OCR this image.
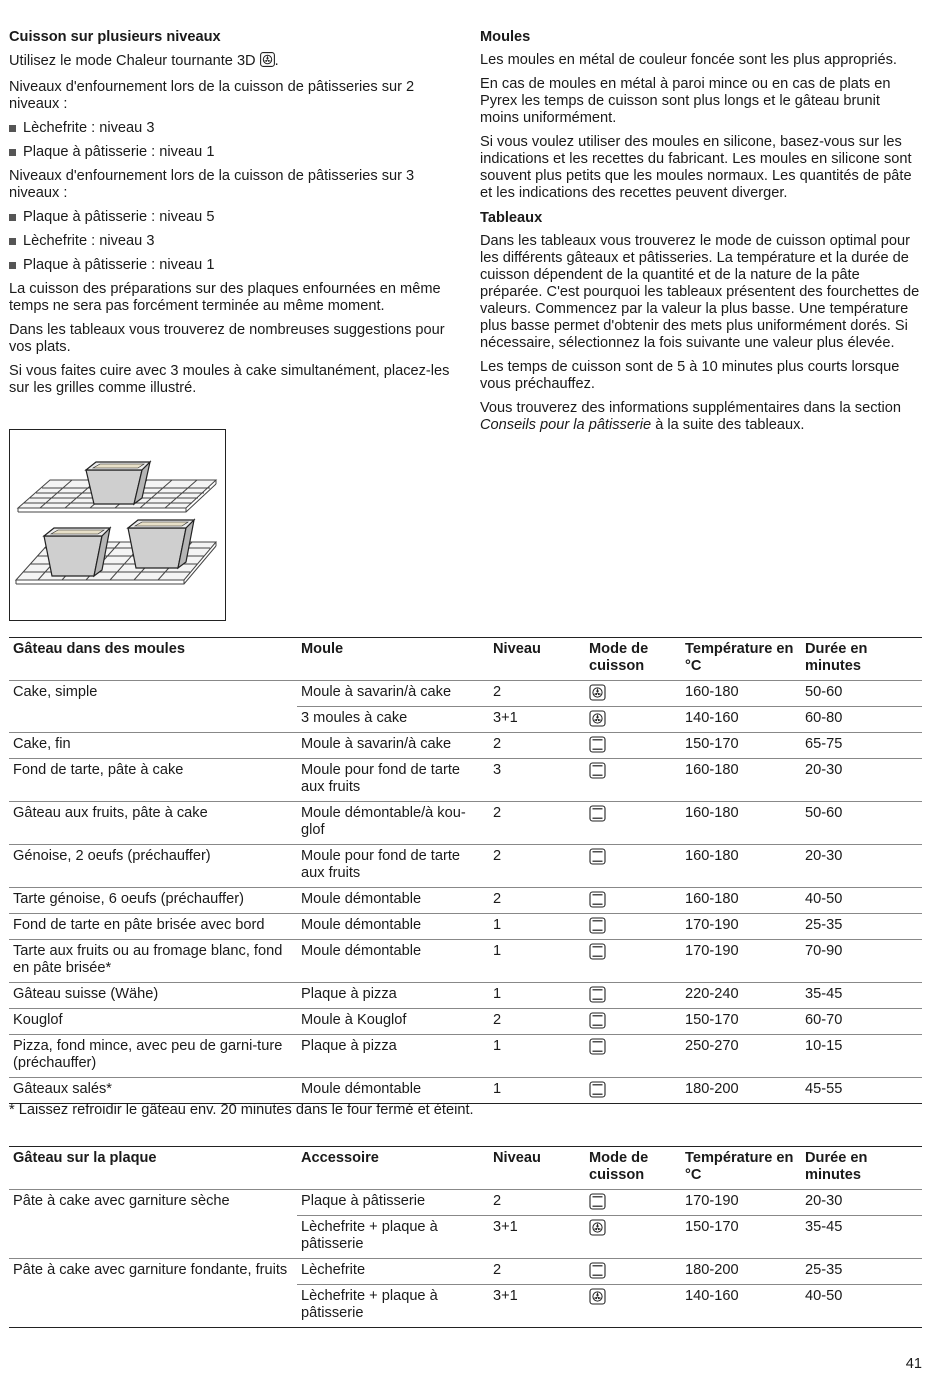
Cuisson sur plusieurs niveaux

Utilisez le mode Chaleur tournante 3D .

Niveaux d'enfournement lors de la cuisson de pâtisseries sur 2 niveaux :

Lèchefrite : niveau 3
Plaque à pâtisserie : niveau 1

Niveaux d'enfournement lors de la cuisson de pâtisseries sur 3 niveaux :

Plaque à pâtisserie : niveau 5
Lèchefrite : niveau 3
Plaque à pâtisserie : niveau 1

La cuisson des préparations sur des plaques enfournées en même temps ne sera pas forcément terminée au même moment.

Dans les tableaux vous trouverez de nombreuses suggestions pour vos plats.

Si vous faites cuire avec 3 moules à cake simultanément, placez-les sur les grilles comme illustré.

Moules

Les moules en métal de couleur foncée sont les plus appropriés.

En cas de moules en métal à paroi mince ou en cas de plats en Pyrex les temps de cuisson sont plus longs et le gâteau brunit moins uniformément.

Si vous voulez utiliser des moules en silicone, basez-vous sur les indications et les recettes du fabricant. Les moules en silicone sont souvent plus petits que les moules normaux. Les quantités de pâte et les indications des recettes peuvent diverger.

Tableaux

Dans les tableaux vous trouverez le mode de cuisson optimal pour les différents gâteaux et pâtisseries. La température et la durée de cuisson dépendent de la quantité et de la nature de la pâte préparée. C'est pourquoi les tableaux présentent des fourchettes de valeurs. Commencez par la valeur la plus basse. Une température plus basse permet d'obtenir des mets plus uniformément dorés. Si nécessaire, sélectionnez la fois suivante une valeur plus élevée.

Les temps de cuisson sont de 5 à 10 minutes plus courts lorsque vous préchauffez.

Vous trouverez des informations supplémentaires dans la section Conseils pour la pâtisserie à la suite des tableaux.

Gâteau dans des moules	Moule	Niveau	Mode de cuisson	Température en °C	Durée en minutes
Cake, simple	Moule à savarin/à cake	2		160-180	50-60
	3 moules à cake	3+1		140-160	60-80
Cake, fin	Moule à savarin/à cake	2		150-170	65-75
Fond de tarte, pâte à cake	Moule pour fond de tarte aux fruits	3		160-180	20-30
Gâteau aux fruits, pâte à cake	Moule démontable/à kou-glof	2		160-180	50-60
Génoise, 2 oeufs (préchauffer)	Moule pour fond de tarte aux fruits	2		160-180	20-30
Tarte génoise, 6 oeufs (préchauffer)	Moule démontable	2		160-180	40-50
Fond de tarte en pâte brisée avec bord	Moule démontable	1		170-190	25-35
Tarte aux fruits ou au fromage blanc, fond en pâte brisée*	Moule démontable	1		170-190	70-90
Gâteau suisse (Wähe)	Plaque à pizza	1		220-240	35-45
Kouglof	Moule à Kouglof	2		150-170	60-70
Pizza, fond mince, avec peu de garni-ture (préchauffer)	Plaque à pizza	1		250-270	10-15
Gâteaux salés*	Moule démontable	1		180-200	45-55
* Laissez refroidir le gâteau env. 20 minutes dans le four fermé et éteint.
Gâteau sur la plaque	Accessoire	Niveau	Mode de cuisson	Température en °C	Durée en minutes
Pâte à cake avec garniture sèche	Plaque à pâtisserie	2		170-190	20-30
	Lèchefrite + plaque à pâtisserie	3+1		150-170	35-45
Pâte à cake avec garniture fondante, fruits	Lèchefrite	2		180-200	25-35
	Lèchefrite + plaque à pâtisserie	3+1		140-160	40-50
41
